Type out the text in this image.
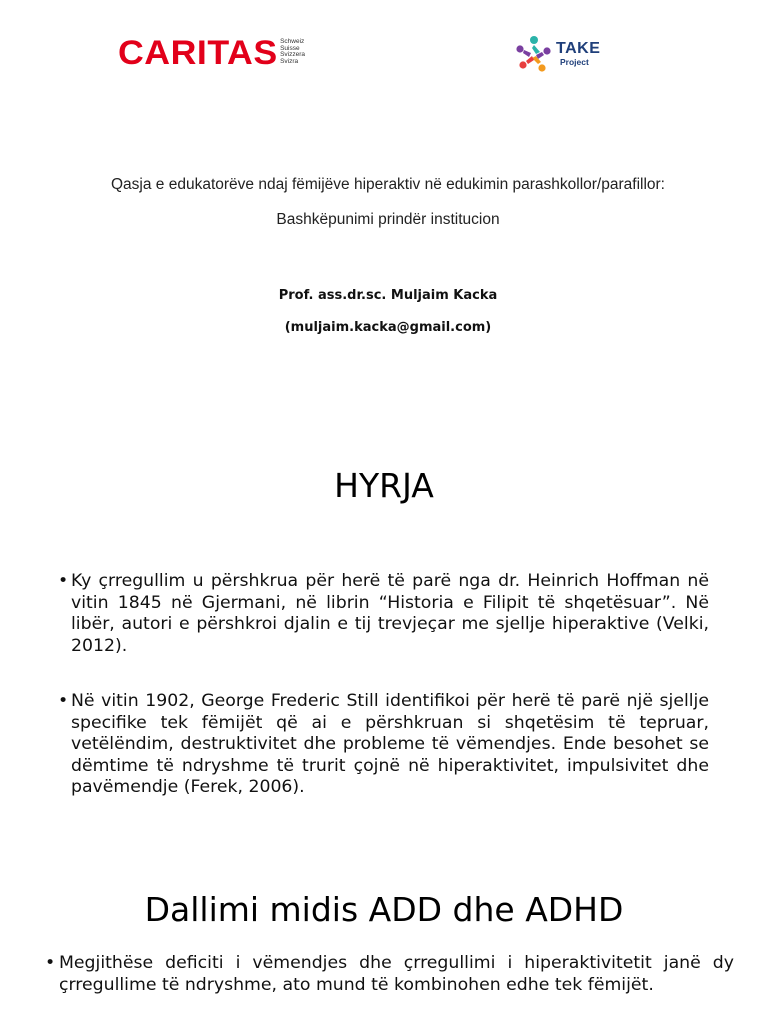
CARITAS Schweiz
Suisse
Svizzera
Svizra
TAKE
Project
Qasja e edukatorëve ndaj fëmijëve hiperaktiv në edukimin parashkollor/parafillor:
Bashkëpunimi prindër institucion
Prof. ass.dr.sc. Muljaim Kacka
(muljaim.kacka@gmail.com)
HYRJA
• Ky çrregullim u përshkrua për herë të parë nga dr. Heinrich Hoffman në vitin 1845 në Gjermani, në librin “Historia e Filipit të shqetësuar”. Në libër, autori e përshkroi djalin e tij trevjeçar me sjellje hiperaktive (Velki, 2012).
• Në vitin 1902, George Frederic Still identifikoi për herë të parë një sjellje specifike tek fëmijët që ai e përshkruan si shqetësim të tepruar, vetëlëndim, destruktivitet dhe probleme të vëmendjes. Ende besohet se dëmtime të ndryshme të trurit çojnë në hiperaktivitet, impulsivitet dhe pavëmendje (Ferek, 2006).
Dallimi midis ADD dhe ADHD
• Megjithëse deficiti i vëmendjes dhe çrregullimi i hiperaktivitetit janë dy çrregullime të ndryshme, ato mund të kombinohen edhe tek fëmijët.
